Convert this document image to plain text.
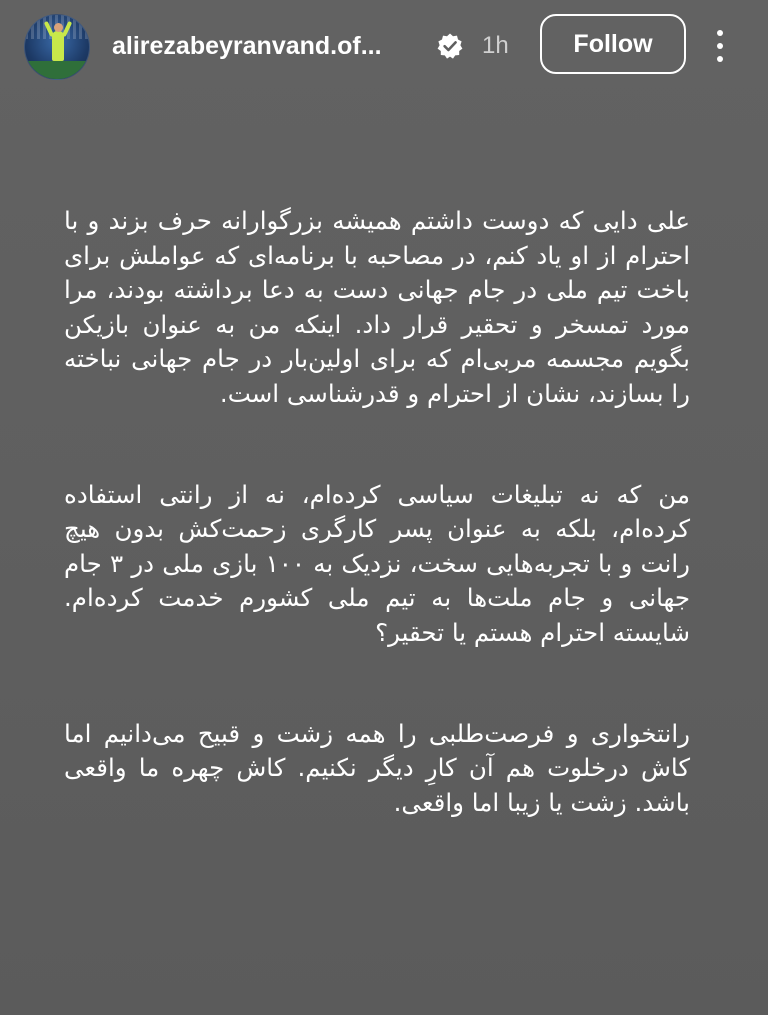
alirezabeyranvand.of...	1h	Follow

علی دایی که دوست داشتم همیشه بزرگوارانه حرف بزند و با احترام از او یاد کنم، در مصاحبه با برنامه‌ای که عواملش برای باخت تیم ملی در جام جهانی دست به دعا برداشته بودند، مرا مورد تمسخر و تحقیر قرار داد. اینکه من به عنوان بازیکن بگویم مجسمه مربی‌ام که برای اولین‌بار در جام جهانی نباخته را بسازند، نشان از احترام و قدرشناسی است.

من که نه تبلیغات سیاسی کرده‌ام، نه از رانتی استفاده کرده‌ام، بلکه به عنوان پسر کارگری زحمت‌کش بدون هیچ رانت و با تجربه‌هایی سخت، نزدیک به ۱۰۰ بازی ملی در ۳ جام جهانی و جام ملت‌ها به تیم ملی کشورم خدمت کرده‌ام. شایسته احترام هستم یا تحقیر؟

رانتخواری و فرصت‌طلبی را همه زشت و قبیح می‌دانیم اما کاش درخلوت هم آن کارِ دیگر نکنیم. کاش چهره ما واقعی باشد. زشت یا زیبا اما واقعی.
